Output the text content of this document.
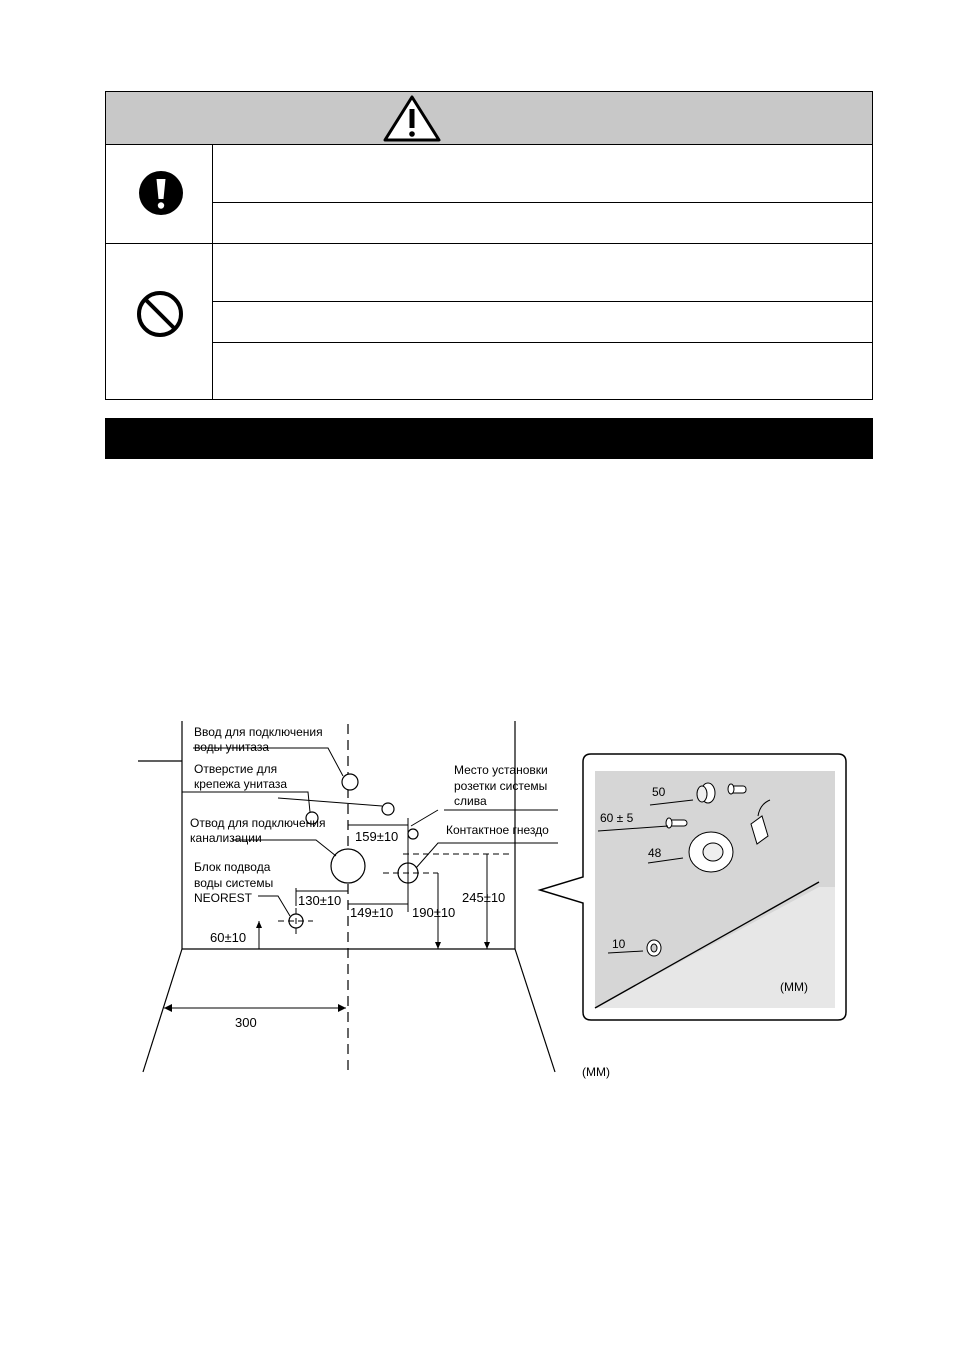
Ввод для подключения
воды унитаза
Отверстие для
крепежа унитаза
Отвод для подключения
канализации
Блок подвода
воды системы
NEOREST
Место установки
розетки системы
слива
Контактное гнездо
159±10
130±10
149±10 190±10
245±10
60±10
300
(ММ)
50
60 ± 5
48
10
(ММ)
